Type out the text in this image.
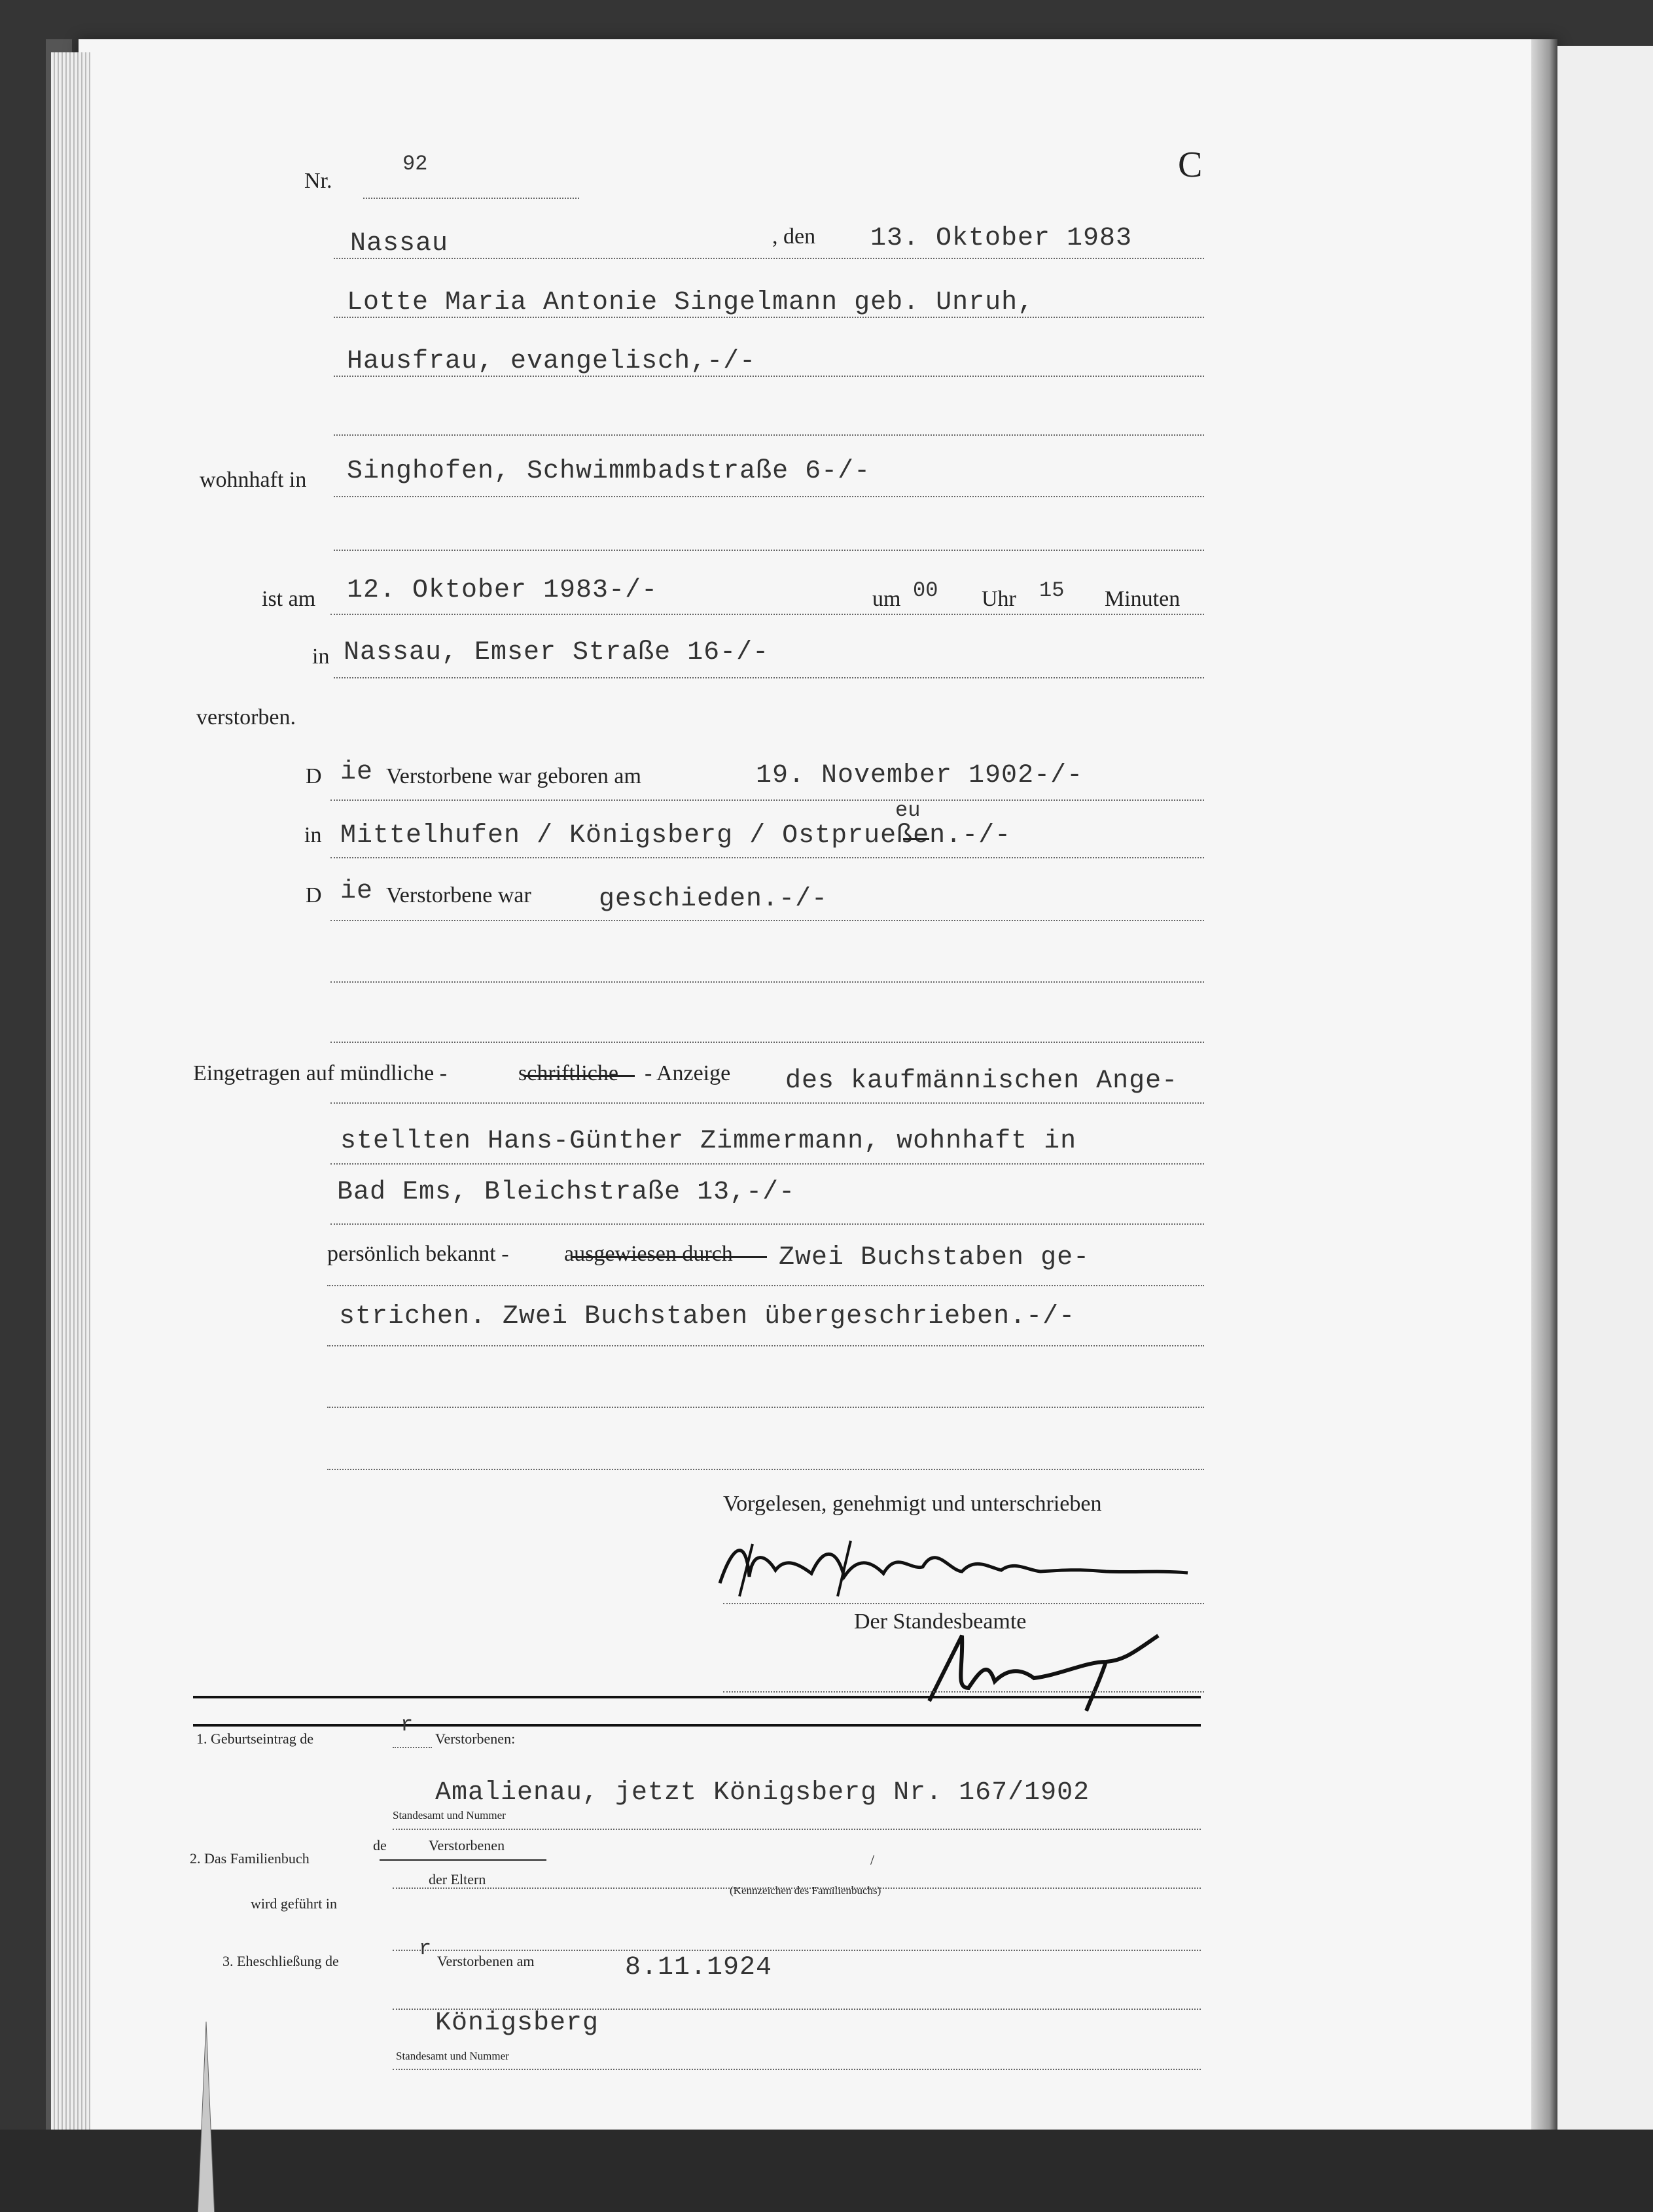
Nr.
92	C
Nassau	, den 13. Oktober 1983
Lotte Maria Antonie Singelmann geb. Unruh,
Hausfrau, evangelisch,-/-
wohnhaft in Singhofen, Schwimmbadstraße 6-/-
ist am 12. Oktober 1983-/-	um 00 Uhr 15 Minuten
in Nassau, Emser Straße 16-/-
verstorben.
D ie Verstorbene war geboren am	19. November 1902-/-
in
eu
Mittelhufen / Königsberg / Ostpruеßen.-/-
D ie Verstorbene war	geschieden.-/-
Eingetragen auf mündliche -	schriftliche - Anzeige des kaufmännischen Ange-
stellten Hans-Günther Zimmermann, wohnhaft in
Bad Ems, Bleichstraße 13,-/-
persönlich bekannt - ausgewiesen durch Zwei Buchstaben ge-
strichen. Zwei Buchstaben übergeschrieben.-/-
Vorgelesen, genehmigt und unterschrieben
Der Standesbeamte
1. Geburtseintrag de
r
Verstorbenen:
Amalienau, jetzt Königsberg Nr. 167/1902
Standesamt und Nummer
2. Das Familienbuch
de	Verstorbenen
der Eltern
/
(Kennzeichen des Familienbuchs)
wird geführt in
3. Eheschließung de
r
Verstorbenen am	8.11.1924
Königsberg
Standesamt und Nummer
